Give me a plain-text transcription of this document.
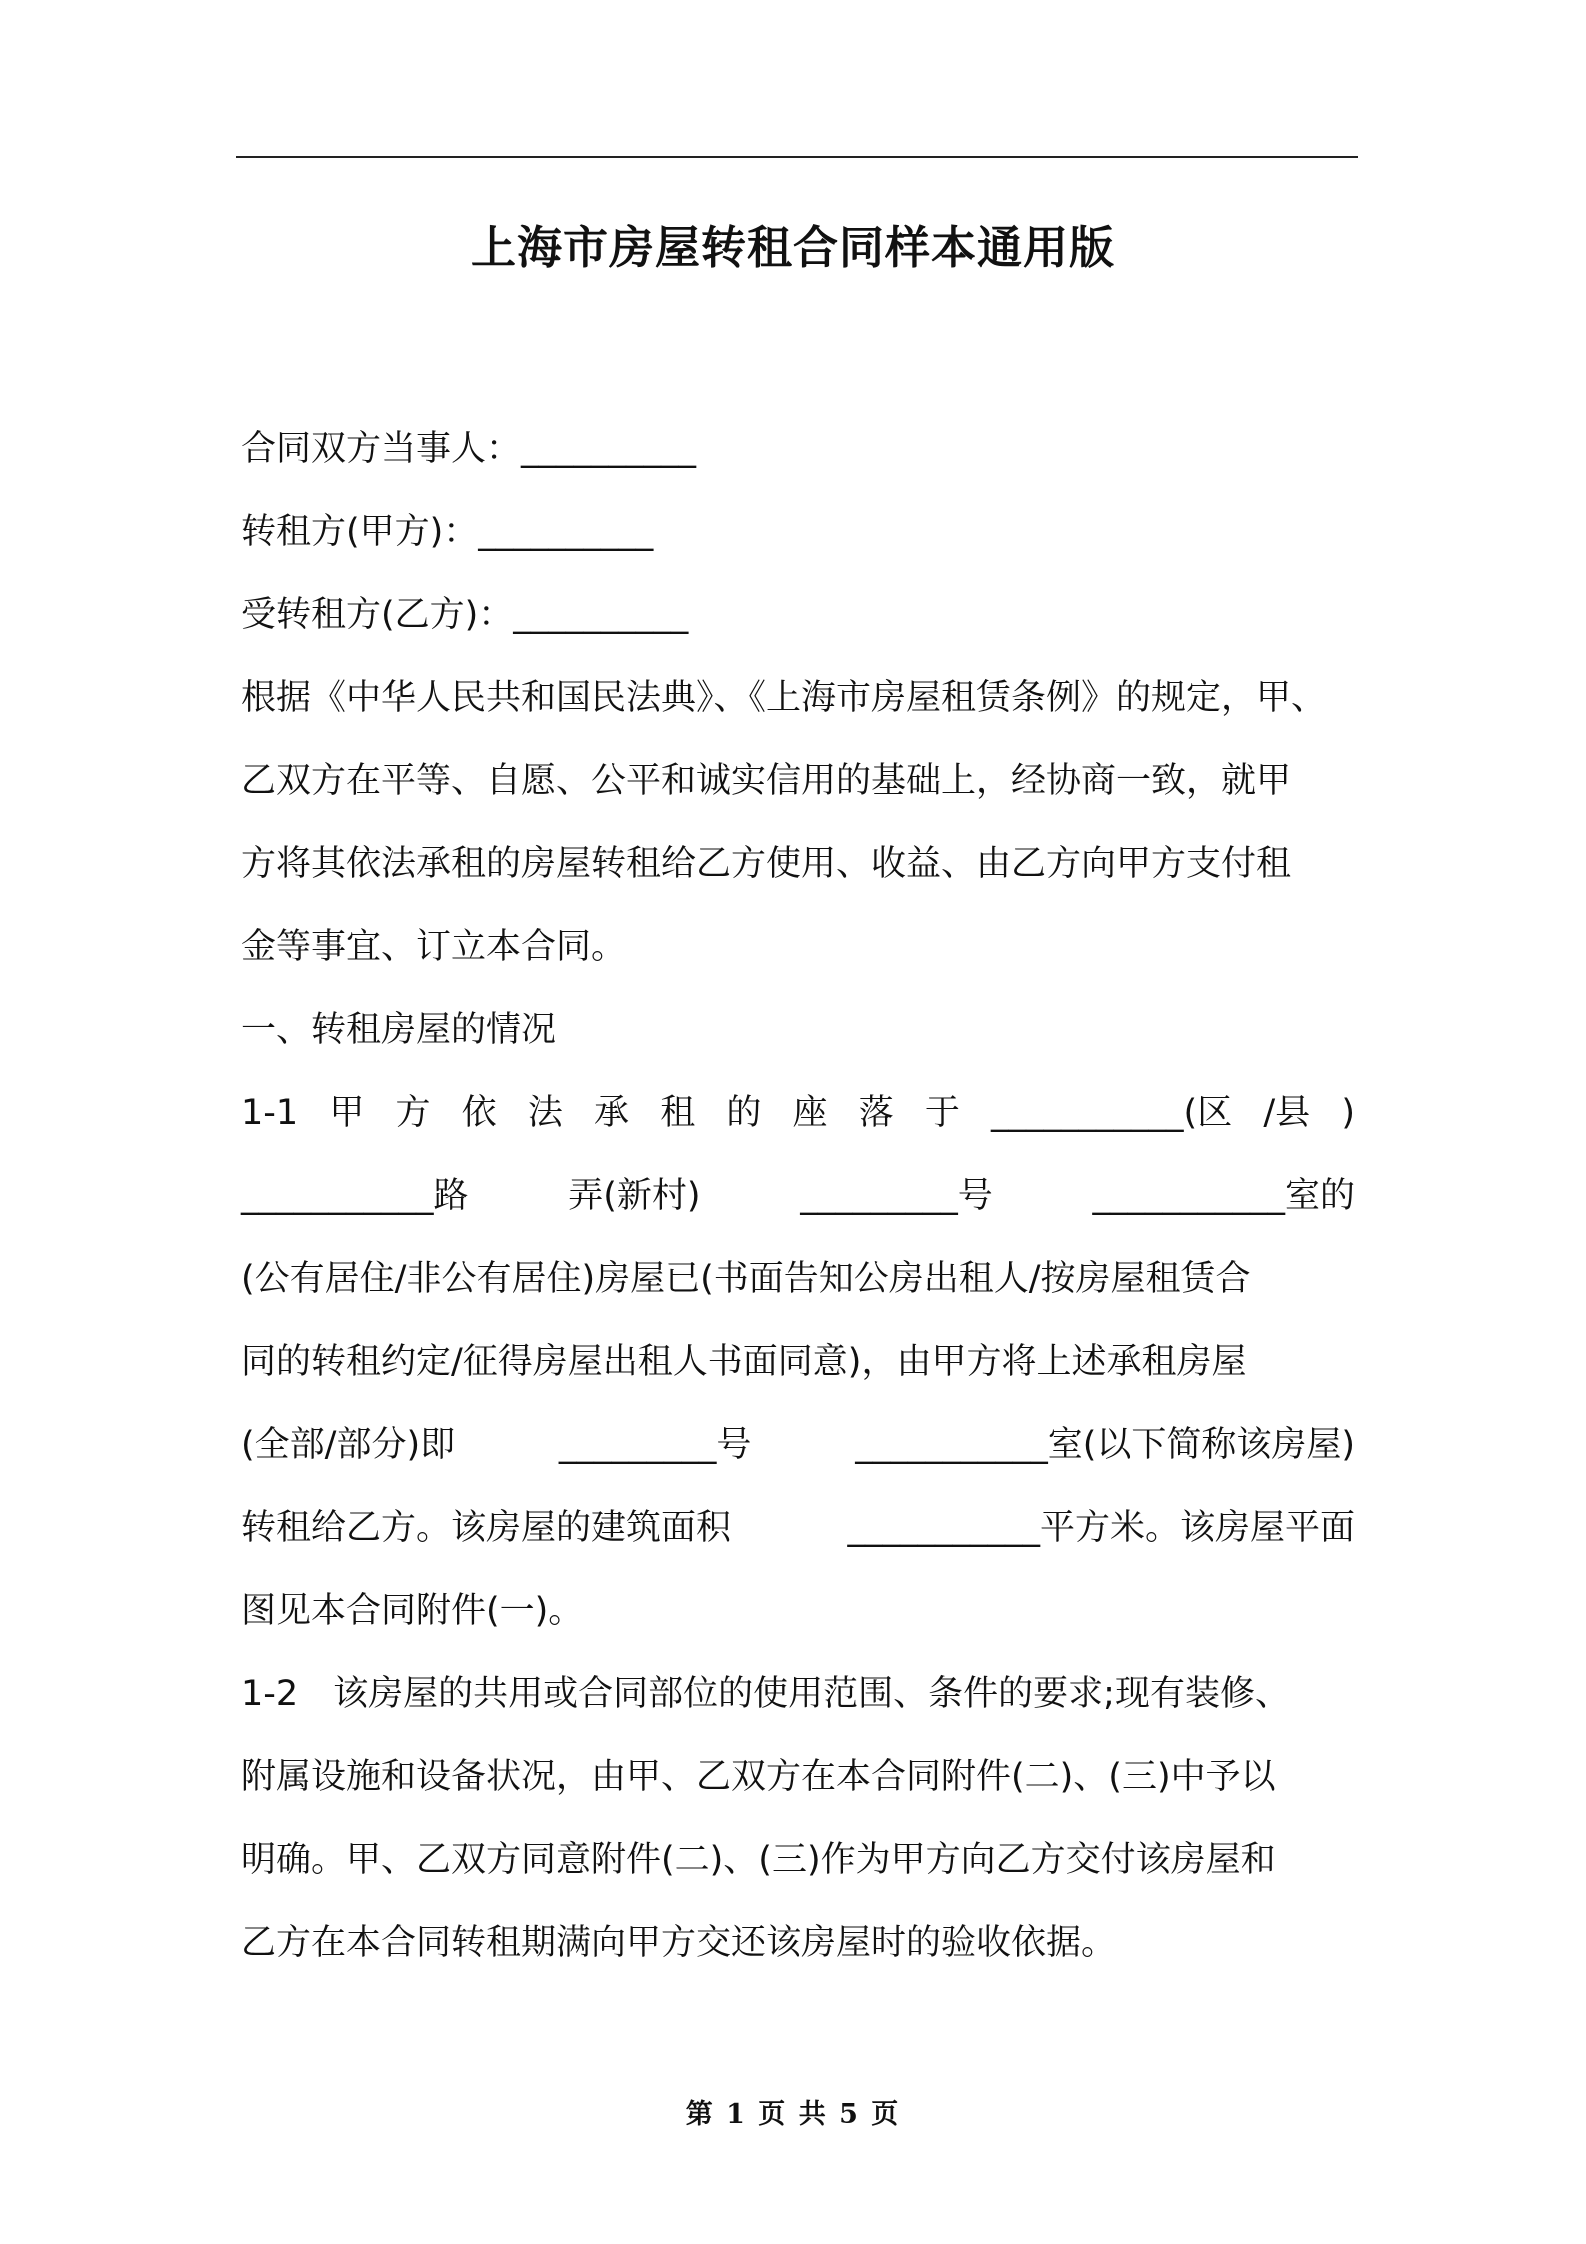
上海市房屋转租合同样本通用版
合同双方当事人：__________
转租方(甲方)：__________
受转租方(乙方)：__________
根据《中华人民共和国民法典》、《上海市房屋租赁条例》的规定，甲、
乙双方在平等、自愿、公平和诚实信用的基础上，经协商一致，就甲
方将其依法承租的房屋转租给乙方使用、收益、由乙方向甲方支付租
金等事宜、订立本合同。
一、转租房屋的情况
1-1 甲 方 依 法 承 租 的 座 落 于 ___________(区 /县 )
___________路	弄(新村)	_________号	___________室的
(公有居住/非公有居住)房屋已(书面告知公房出租人/按房屋租赁合
同的转租约定/征得房屋出租人书面同意)，由甲方将上述承租房屋
(全部/部分)即	_________号	___________室(以下简称该房屋)
转租给乙方。该房屋的建筑面积	___________平方米。该房屋平面
图见本合同附件(一)。
1-2　该房屋的共用或合同部位的使用范围、条件的要求;现有装修、
附属设施和设备状况，由甲、乙双方在本合同附件(二)、(三)中予以
明确。甲、乙双方同意附件(二)、(三)作为甲方向乙方交付该房屋和
乙方在本合同转租期满向甲方交还该房屋时的验收依据。
第 1 页 共 5 页
